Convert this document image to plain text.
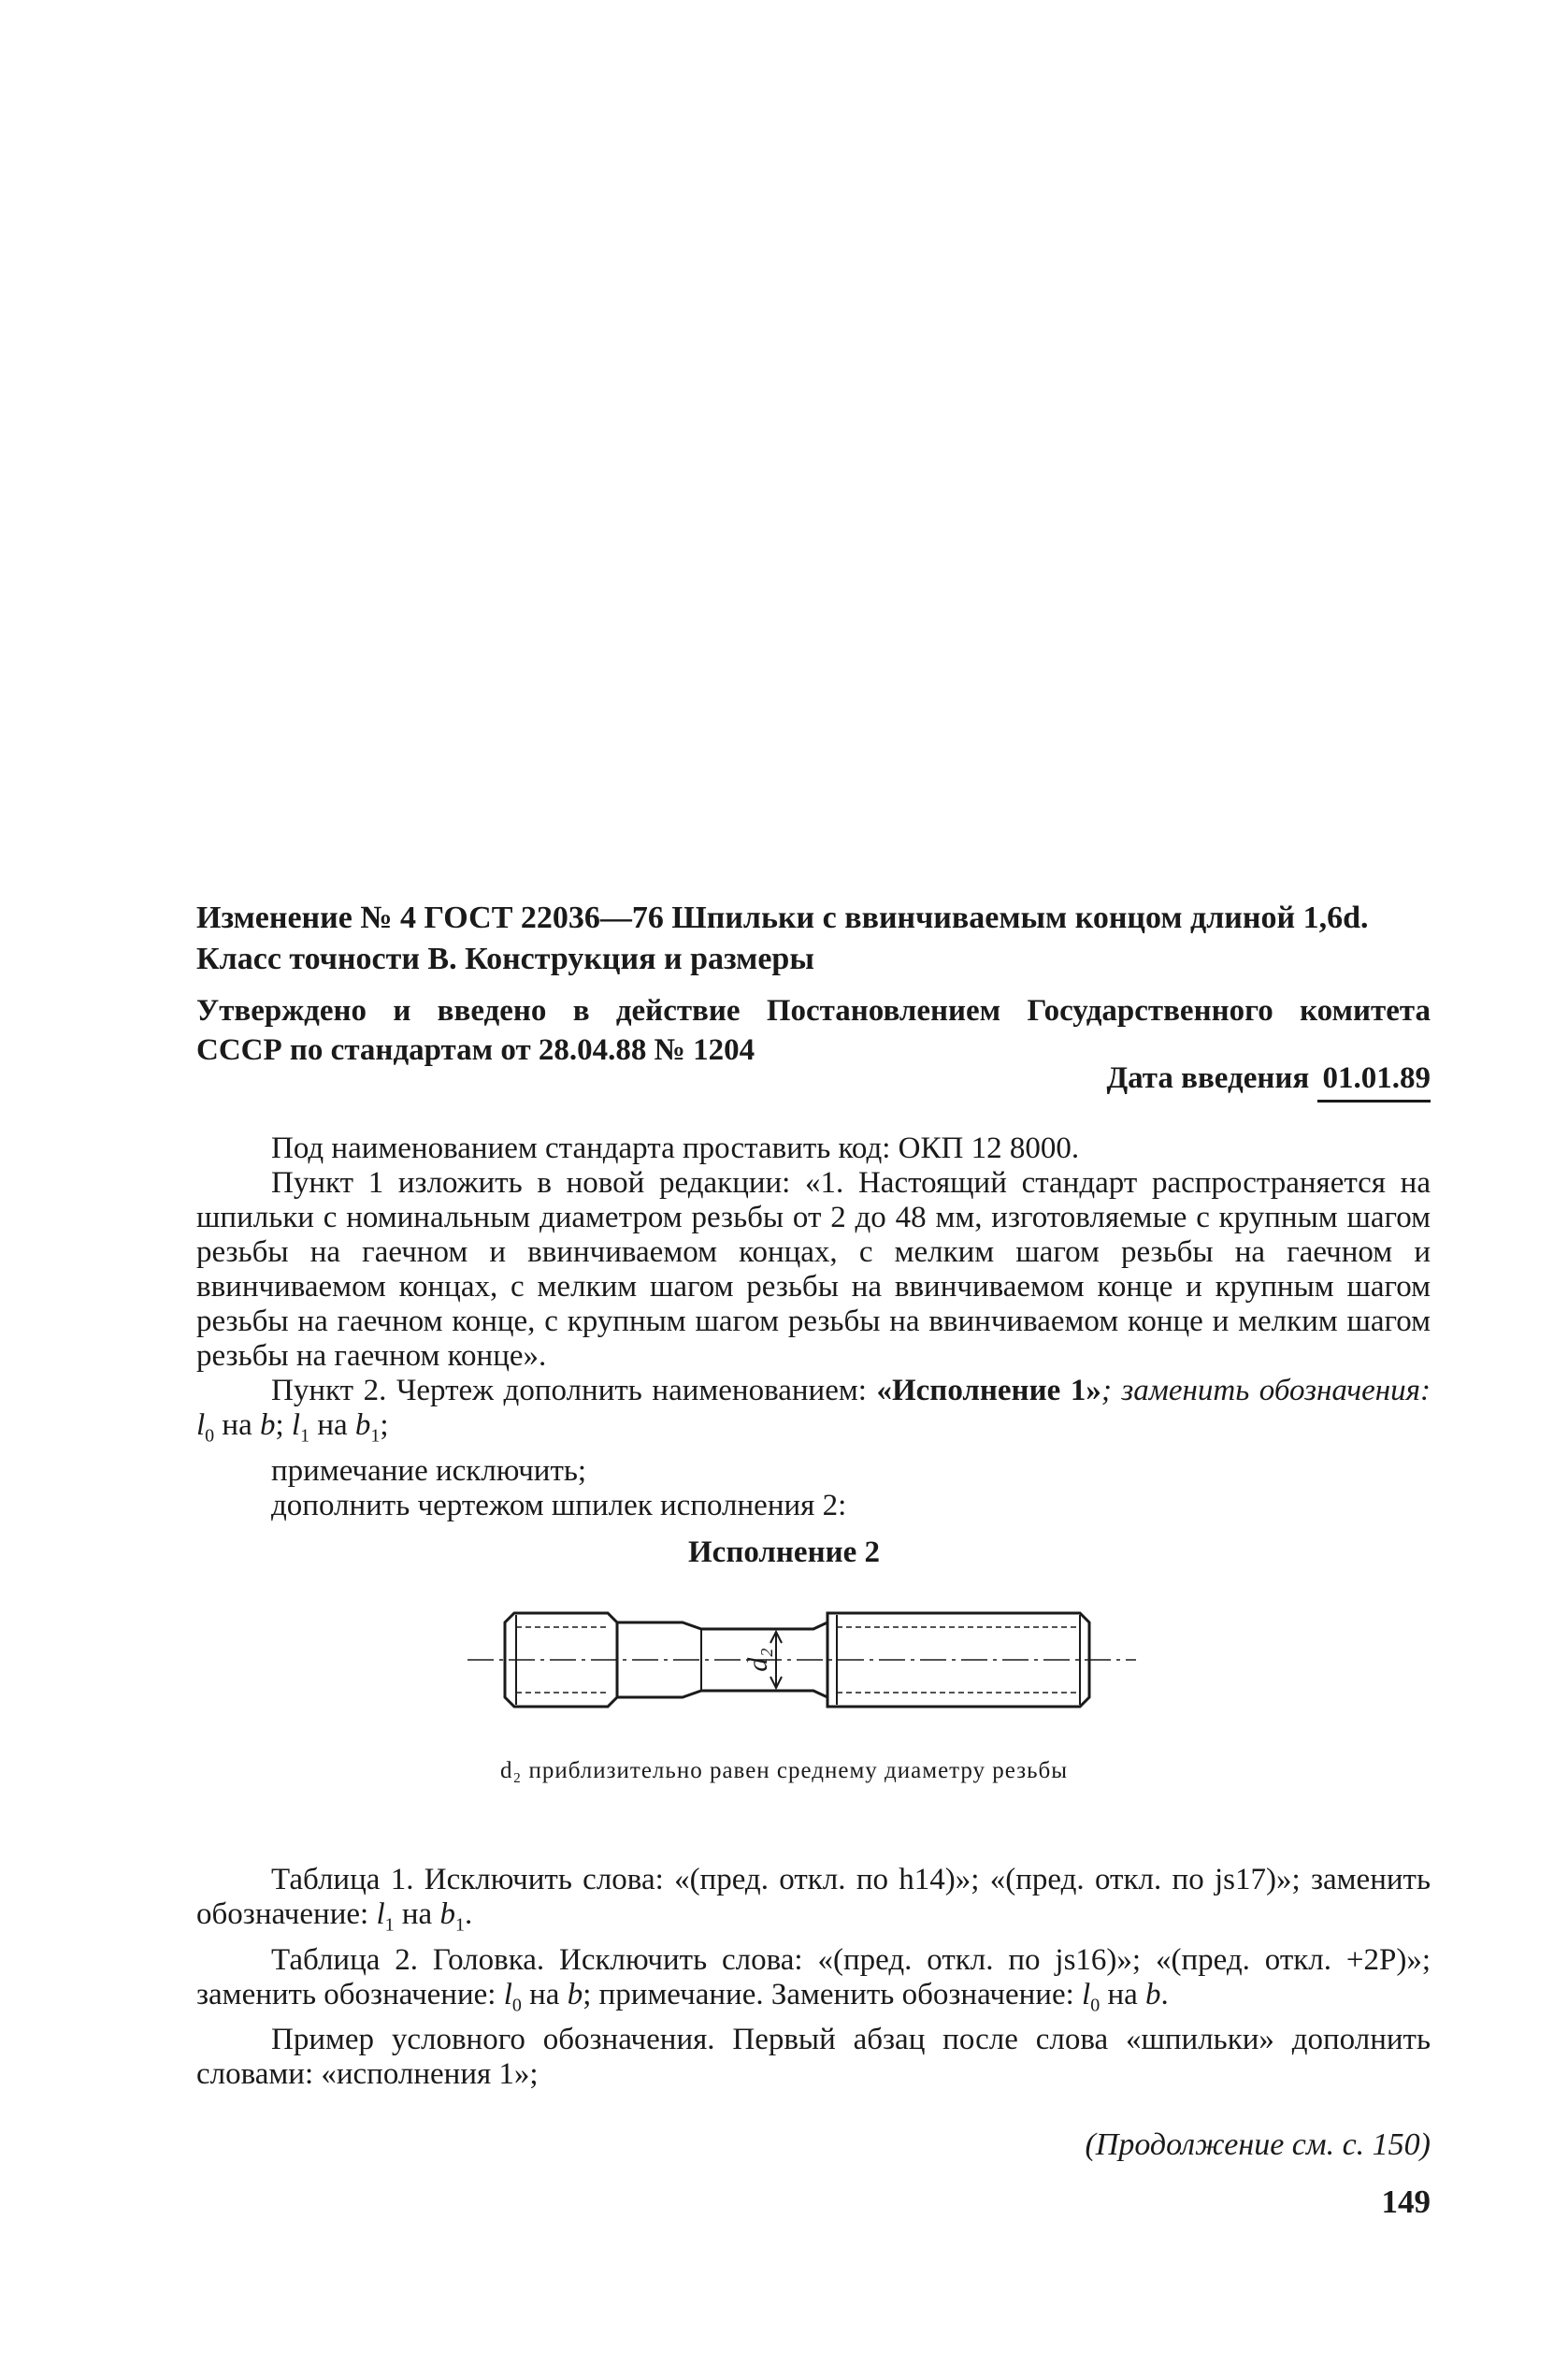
Изменение № 4 ГОСТ 22036—76 Шпильки с ввинчиваемым концом длиной 1,6d.
Класс точности В. Конструкция и размеры
Утверждено и введено в действие Постановлением Государственного комитета
СССР по стандартам от 28.04.88 № 1204
Дата введения 01.01.89

Под наименованием стандарта проставить код: ОКП 12 8000.

Пункт 1 изложить в новой редакции: «1. Настоящий стандарт распространяется на шпильки с номинальным диаметром резьбы от 2 до 48 мм, изготовляемые с крупным шагом резьбы на гаечном и ввинчиваемом концах, с мелким шагом резьбы на гаечном и ввинчиваемом концах, с мелким шагом резьбы на ввинчиваемом конце и крупным шагом резьбы на гаечном конце, с крупным шагом резьбы на ввинчиваемом конце и мелким шагом резьбы на гаечном конце».

Пункт 2. Чертеж дополнить наименованием: «Исполнение 1»; заменить обозначения: $l_0$ на b; $l_1$ на $b_1$;

примечание исключить;

дополнить чертежом шпилек исполнения 2:

Исполнение 2
d₂
d₂ приблизительно равен среднему диаметру резьбы

Таблица 1. Исключить слова: «(пред. откл. по h14)»; «(пред. откл. по js17)»; заменить обозначение: $l_1$ на $b_1$.

Таблица 2. Головка. Исключить слова: «(пред. откл. по js16)»; «(пред. откл. +2P)»; заменить обозначение: $l_0$ на b; примечание. Заменить обозначение: $l_0$ на b.

Пример условного обозначения. Первый абзац после слова «шпильки» дополнить словами: «исполнения 1»;

(Продолжение см. с. 150)
149
